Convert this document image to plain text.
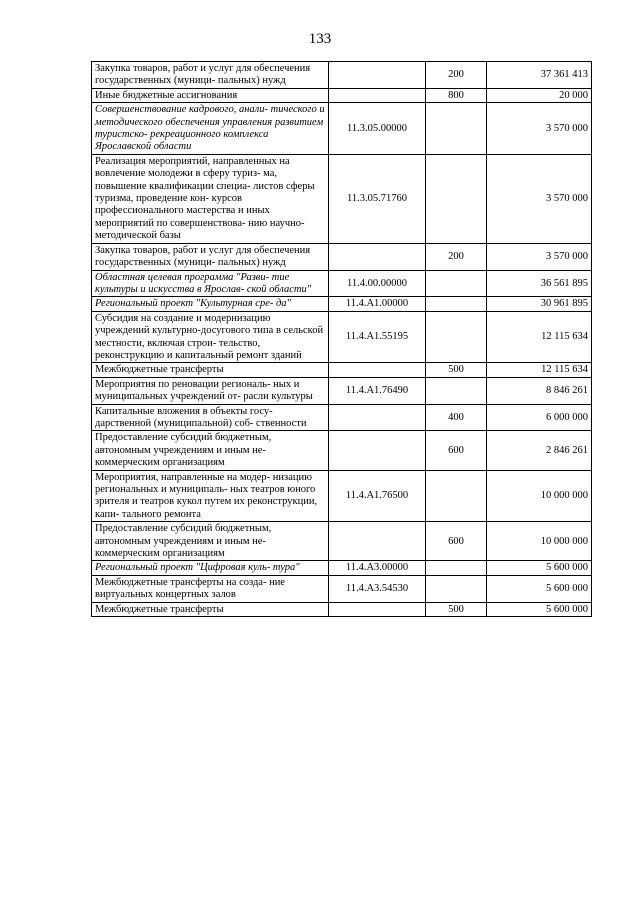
133
Закупка товаров, работ и услуг для обеспечения государственных (муници- пальных) нужд		200	37 361 413
Иные бюджетные ассигнования		800	20 000
Совершенствование кадрового, анали- тического и методического обеспечения управления развитием туристско- рекреационного комплекса Ярославской области	11.3.05.00000		3 570 000
Реализация мероприятий, направленных на вовлечение молодежи в сферу туриз- ма, повышение квалификации специа- листов сферы туризма, проведение кон- курсов профессионального мастерства и иных мероприятий по совершенствова- нию научно-методической базы	11.3.05.71760		3 570 000
Закупка товаров, работ и услуг для обеспечения государственных (муници- пальных) нужд		200	3 570 000
Областная целевая программа "Разви- тие культуры и искусства в Ярослав- ской области"	11.4.00.00000		36 561 895
Региональный проект "Культурная сре- да"	11.4.А1.00000		30 961 895
Субсидия на создание и модернизацию учреждений культурно-досугового типа в сельской местности, включая строи- тельство, реконструкцию и капитальный ремонт зданий	11.4.А1.55195		12 115 634
Межбюджетные трансферты		500	12 115 634
Мероприятия по реновации региональ- ных и муниципальных учреждений от- расли культуры	11.4.А1.76490		8 846 261
Капитальные вложения в объекты госу- дарственной (муниципальной) соб- ственности		400	6 000 000
Предоставление субсидий бюджетным, автономным учреждениям и иным не- коммерческим организациям		600	2 846 261
Мероприятия, направленные на модер- низацию региональных и муниципаль- ных театров юного зрителя и театров кукол путем их реконструкции, капи- тального ремонта	11.4.А1.76500		10 000 000
Предоставление субсидий бюджетным, автономным учреждениям и иным не- коммерческим организациям		600	10 000 000
Региональный проект "Цифровая куль- тура"	11.4.А3.00000		5 600 000
Межбюджетные трансферты на созда- ние виртуальных концертных залов	11.4.А3.54530		5 600 000
Межбюджетные трансферты		500	5 600 000
